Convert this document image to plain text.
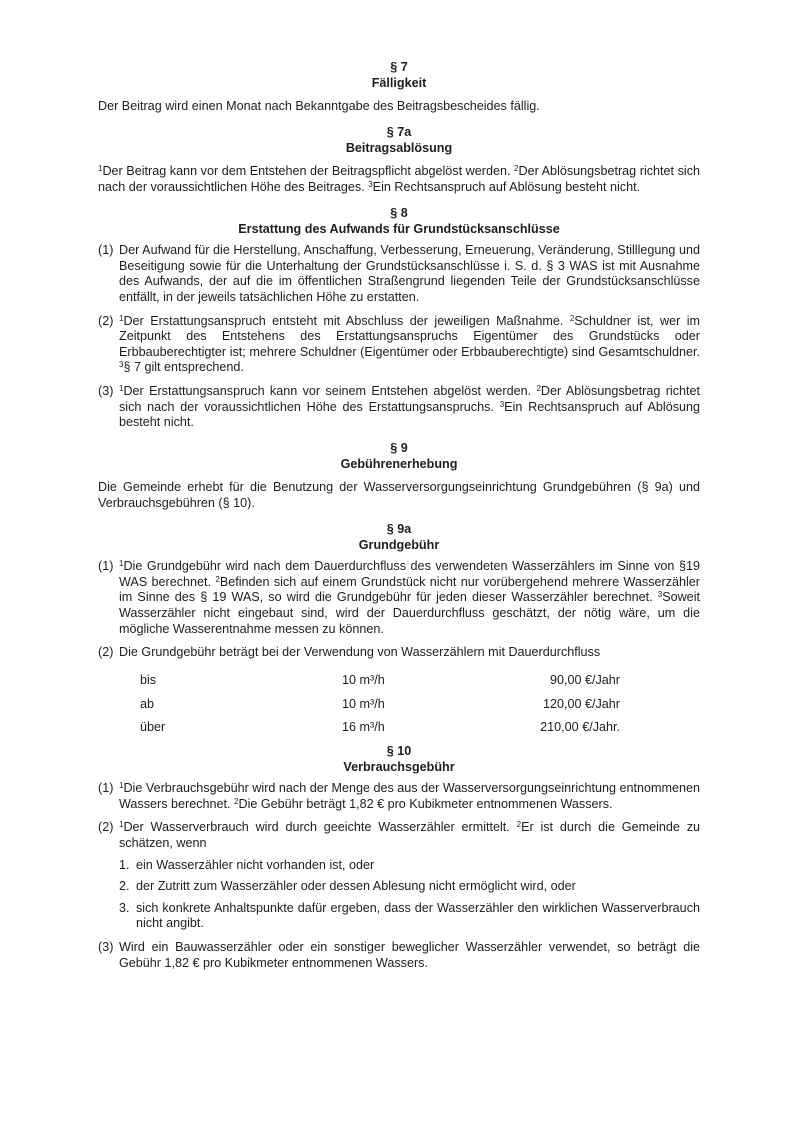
§ 7
Fälligkeit

Der Beitrag wird einen Monat nach Bekanntgabe des Beitragsbescheides fällig.

§ 7a
Beitragsablösung

$^1$Der Beitrag kann vor dem Entstehen der Beitragspflicht abgelöst werden. $^2$Der Ablösungsbetrag richtet sich nach der voraussichtlichen Höhe des Beitrages. $^3$Ein Rechtsanspruch auf Ablösung besteht nicht.

§ 8
Erstattung des Aufwands für Grundstücksanschlüsse
(1) Der Aufwand für die Herstellung, Anschaffung, Verbesserung, Erneuerung, Veränderung, Stilllegung und Beseitigung sowie für die Unterhaltung der Grundstücksanschlüsse i. S. d. § 3 WAS ist mit Ausnahme des Aufwands, der auf die im öffentlichen Straßengrund liegenden Teile der Grundstücksanschlüsse entfällt, in der jeweils tatsächlichen Höhe zu erstatten.
(2) $^1$Der Erstattungsanspruch entsteht mit Abschluss der jeweiligen Maßnahme. $^2$Schuldner ist, wer im Zeitpunkt des Entstehens des Erstattungsanspruchs Eigentümer des Grundstücks oder Erbbauberechtigter ist; mehrere Schuldner (Eigentümer oder Erbbauberechtigte) sind Gesamtschuldner. $^3$§ 7 gilt entsprechend.
(3) $^1$Der Erstattungsanspruch kann vor seinem Entstehen abgelöst werden. $^2$Der Ablösungsbetrag richtet sich nach der voraussichtlichen Höhe des Erstattungsanspruchs. $^3$Ein Rechtsanspruch auf Ablösung besteht nicht.
§ 9
Gebührenerhebung

Die Gemeinde erhebt für die Benutzung der Wasserversorgungseinrichtung Grundgebühren (§ 9a) und Verbrauchsgebühren (§ 10).

§ 9a
Grundgebühr
(1) $^1$Die Grundgebühr wird nach dem Dauerdurchfluss des verwendeten Wasserzählers im Sinne von §19 WAS berechnet. $^2$Befinden sich auf einem Grundstück nicht nur vorübergehend mehrere Wasserzähler im Sinne des § 19 WAS, so wird die Grundgebühr für jeden dieser Wasserzähler berechnet. $^3$Soweit Wasserzähler nicht eingebaut sind, wird der Dauerdurchfluss geschätzt, der nötig wäre, um die mögliche Wasserentnahme messen zu können.
(2) Die Grundgebühr beträgt bei der Verwendung von Wasserzählern mit Dauerdurchfluss
bis	10 m³/h	90,00 €/Jahr
ab	10 m³/h	120,00 €/Jahr
über	16 m³/h	210,00 €/Jahr.
§ 10
Verbrauchsgebühr
(1) $^1$Die Verbrauchsgebühr wird nach der Menge des aus der Wasserversorgungseinrichtung entnommenen Wassers berechnet. $^2$Die Gebühr beträgt 1,82 € pro Kubikmeter entnommenen Wassers.
(2) $^1$Der Wasserverbrauch wird durch geeichte Wasserzähler ermittelt. $^2$Er ist durch die Gemeinde zu schätzen, wenn
1. ein Wasserzähler nicht vorhanden ist, oder
2. der Zutritt zum Wasserzähler oder dessen Ablesung nicht ermöglicht wird, oder
3. sich konkrete Anhaltspunkte dafür ergeben, dass der Wasserzähler den wirklichen Wasserverbrauch nicht angibt.
(3) Wird ein Bauwasserzähler oder ein sonstiger beweglicher Wasserzähler verwendet, so beträgt die Gebühr 1,82 € pro Kubikmeter entnommenen Wassers.
